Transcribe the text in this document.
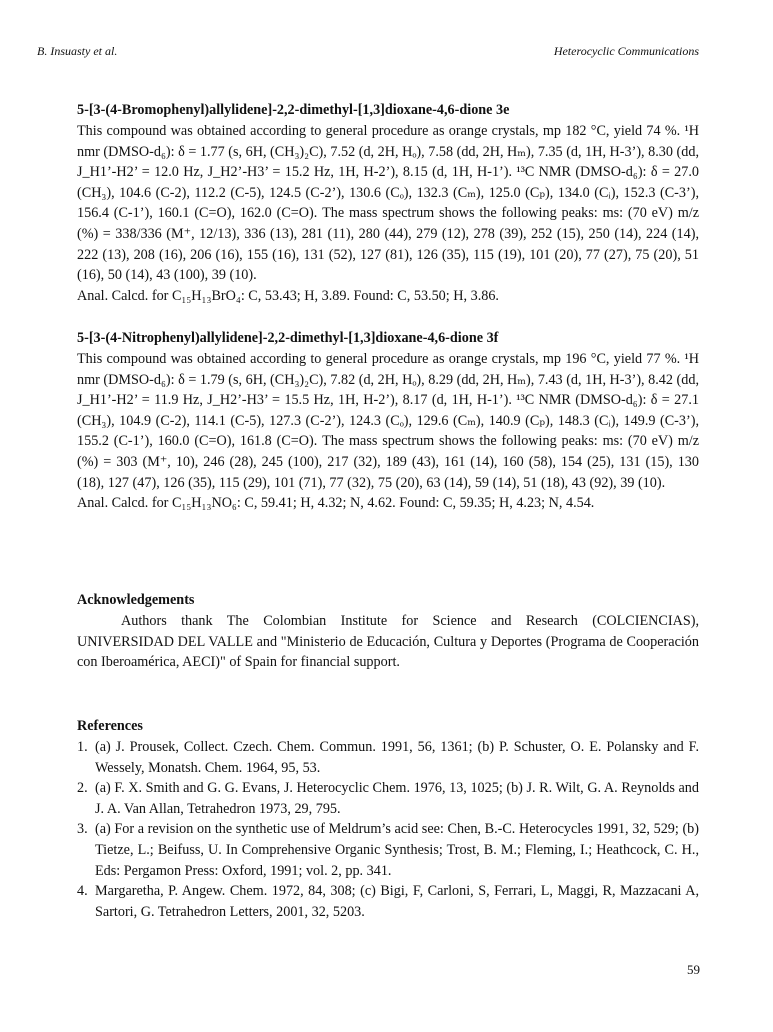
B. Insuasty et al.	Heterocyclic Communications
5-[3-(4-Bromophenyl)allylidene]-2,2-dimethyl-[1,3]dioxane-4,6-dione 3e

This compound was obtained according to general procedure as orange crystals, mp 182 °C, yield 74 %. ¹H nmr (DMSO-d₆): δ = 1.77 (s, 6H, (CH₃)₂C), 7.52 (d, 2H, Hₒ), 7.58 (dd, 2H, Hₘ), 7.35 (d, 1H, H-3’), 8.30 (dd, J_H1’-H2’ = 12.0 Hz, J_H2’-H3’ = 15.2 Hz, 1H, H-2’), 8.15 (d, 1H, H-1’). ¹³C NMR (DMSO-d₆): δ = 27.0 (CH₃), 104.6 (C-2), 112.2 (C-5), 124.5 (C-2’), 130.6 (Cₒ), 132.3 (Cₘ), 125.0 (Cₚ), 134.0 (Cᵢ), 152.3 (C-3’), 156.4 (C-1’), 160.1 (C=O), 162.0 (C=O). The mass spectrum shows the following peaks: ms: (70 eV) m/z (%) = 338/336 (M⁺, 12/13), 336 (13), 281 (11), 280 (44), 279 (12), 278 (39), 252 (15), 250 (14), 224 (14), 222 (13), 208 (16), 206 (16), 155 (16), 131 (52), 127 (81), 126 (35), 115 (19), 101 (20), 77 (27), 75 (20), 51 (16), 50 (14), 43 (100), 39 (10).

Anal. Calcd. for C₁₅H₁₃BrO₄: C, 53.43; H, 3.89. Found: C, 53.50; H, 3.86.

5-[3-(4-Nitrophenyl)allylidene]-2,2-dimethyl-[1,3]dioxane-4,6-dione 3f

This compound was obtained according to general procedure as orange crystals, mp 196 °C, yield 77 %. ¹H nmr (DMSO-d₆): δ = 1.79 (s, 6H, (CH₃)₂C), 7.82 (d, 2H, Hₒ), 8.29 (dd, 2H, Hₘ), 7.43 (d, 1H, H-3’), 8.42 (dd, J_H1’-H2’ = 11.9 Hz, J_H2’-H3’ = 15.5 Hz, 1H, H-2’), 8.17 (d, 1H, H-1’). ¹³C NMR (DMSO-d₆): δ = 27.1 (CH₃), 104.9 (C-2), 114.1 (C-5), 127.3 (C-2’), 124.3 (Cₒ), 129.6 (Cₘ), 140.9 (Cₚ), 148.3 (Cᵢ), 149.9 (C-3’), 155.2 (C-1’), 160.0 (C=O), 161.8 (C=O). The mass spectrum shows the following peaks: ms: (70 eV) m/z (%) = 303 (M⁺, 10), 246 (28), 245 (100), 217 (32), 189 (43), 161 (14), 160 (58), 154 (25), 131 (15), 130 (18), 127 (47), 126 (35), 115 (29), 101 (71), 77 (32), 75 (20), 63 (14), 59 (14), 51 (18), 43 (92), 39 (10).

Anal. Calcd. for C₁₅H₁₃NO₆: C, 59.41; H, 4.32; N, 4.62. Found: C, 59.35; H, 4.23; N, 4.54.

Acknowledgements

Authors thank The Colombian Institute for Science and Research (COLCIENCIAS), UNIVERSIDAD DEL VALLE and "Ministerio de Educación, Cultura y Deportes (Programa de Cooperación con Iberoamérica, AECI)" of Spain for financial support.

References
1. (a) J. Prousek, Collect. Czech. Chem. Commun. 1991, 56, 1361; (b) P. Schuster, O. E. Polansky and F. Wessely, Monatsh. Chem. 1964, 95, 53.
2. (a) F. X. Smith and G. G. Evans, J. Heterocyclic Chem. 1976, 13, 1025; (b) J. R. Wilt, G. A. Reynolds and J. A. Van Allan, Tetrahedron 1973, 29, 795.
3. (a) For a revision on the synthetic use of Meldrum’s acid see: Chen, B.-C. Heterocycles 1991, 32, 529; (b) Tietze, L.; Beifuss, U. In Comprehensive Organic Synthesis; Trost, B. M.; Fleming, I.; Heathcock, C. H., Eds: Pergamon Press: Oxford, 1991; vol. 2, pp. 341.
4. Margaretha, P. Angew. Chem. 1972, 84, 308; (c) Bigi, F, Carloni, S, Ferrari, L, Maggi, R, Mazzacani A, Sartori, G. Tetrahedron Letters, 2001, 32, 5203.
59
